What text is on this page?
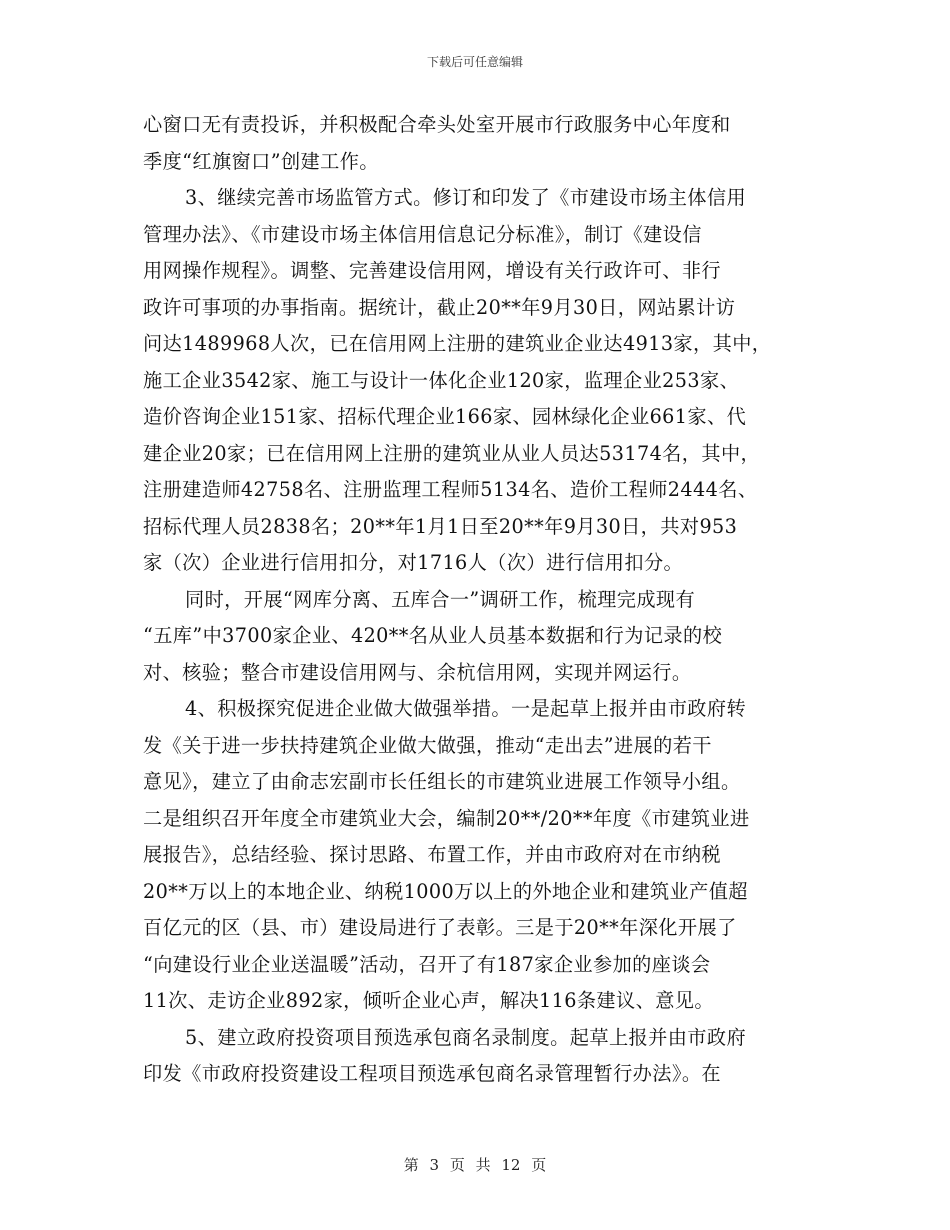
下载后可任意编辑
心窗口无有责投诉，并积极配合牵头处室开展市行政服务中心年度和
季度“红旗窗口”创建工作。
3、继续完善市场监管方式。修订和印发了《市建设市场主体信用
管理办法》、《市建设市场主体信用信息记分标准》，制订《建设信
用网操作规程》。调整、完善建设信用网，增设有关行政许可、非行
政许可事项的办事指南。据统计，截止20**年9月30日，网站累计访
问达1489968人次，已在信用网上注册的建筑业企业达4913家，其中，
施工企业3542家、施工与设计一体化企业120家，监理企业253家、
造价咨询企业151家、招标代理企业166家、园林绿化企业661家、代
建企业20家；已在信用网上注册的建筑业从业人员达53174名，其中，
注册建造师42758名、注册监理工程师5134名、造价工程师2444名、
招标代理人员2838名；20**年1月1日至20**年9月30日，共对953
家（次）企业进行信用扣分，对1716人（次）进行信用扣分。
同时，开展“网库分离、五库合一”调研工作，梳理完成现有
“五库”中3700家企业、420**名从业人员基本数据和行为记录的校
对、核验；整合市建设信用网与、余杭信用网，实现并网运行。
4、积极探究促进企业做大做强举措。一是起草上报并由市政府转
发《关于进一步扶持建筑企业做大做强，推动“走出去”进展的若干
意见》，建立了由俞志宏副市长任组长的市建筑业进展工作领导小组。
二是组织召开年度全市建筑业大会，编制20**/20**年度《市建筑业进
展报告》，总结经验、探讨思路、布置工作，并由市政府对在市纳税
20**万以上的本地企业、纳税1000万以上的外地企业和建筑业产值超
百亿元的区（县、市）建设局进行了表彰。三是于20**年深化开展了
“向建设行业企业送温暖”活动，召开了有187家企业参加的座谈会
11次、走访企业892家，倾听企业心声，解决116条建议、意见。
5、建立政府投资项目预选承包商名录制度。起草上报并由市政府
印发《市政府投资建设工程项目预选承包商名录管理暂行办法》。在
第 3 页 共 12 页
